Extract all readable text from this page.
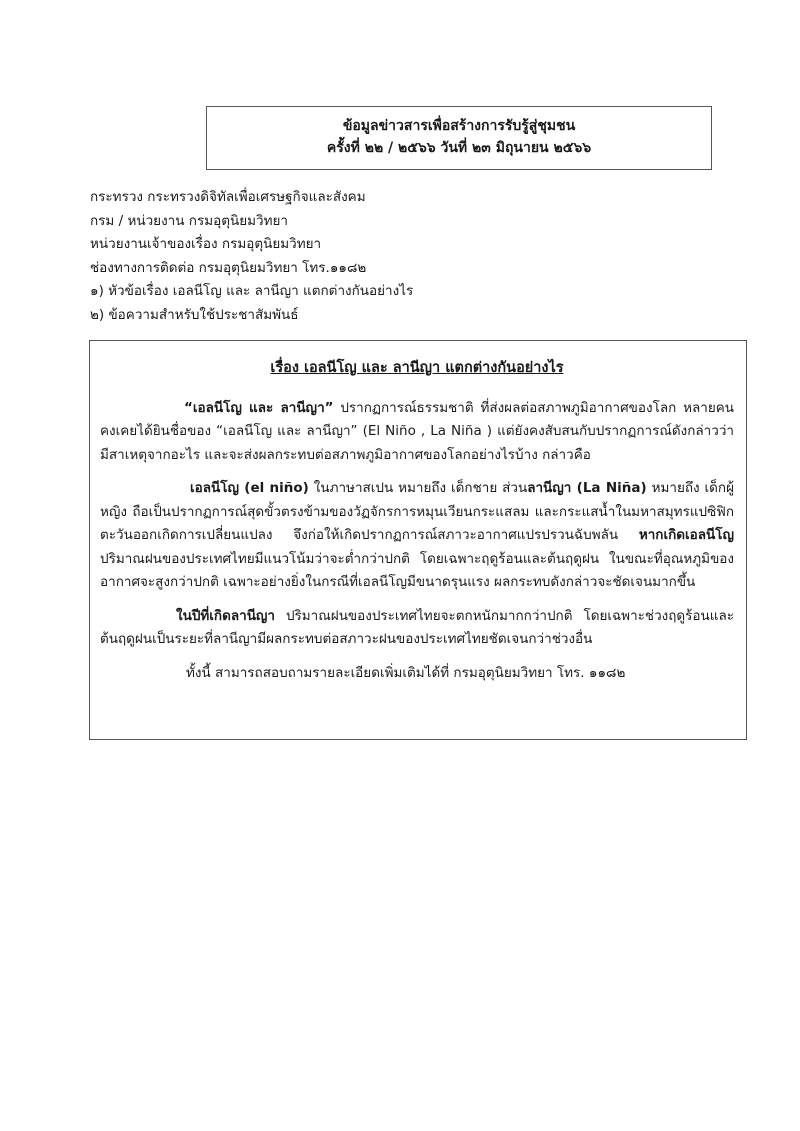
ข้อมูลข่าวสารเพื่อสร้างการรับรู้สู่ชุมชน
ครั้งที่ ๒๒ / ๒๕๖๖ วันที่ ๒๓ มิถุนายน ๒๕๖๖
กระทรวง กระทรวงดิจิทัลเพื่อเศรษฐกิจและสังคม
กรม / หน่วยงาน กรมอุตุนิยมวิทยา
หน่วยงานเจ้าของเรื่อง กรมอุตุนิยมวิทยา
ช่องทางการติดต่อ กรมอุตุนิยมวิทยา โทร.๑๑๘๒
๑) หัวข้อเรื่อง เอลนีโญ และ ลานีญา แตกต่างกันอย่างไร
๒) ข้อความสำหรับใช้ประชาสัมพันธ์
เรื่อง เอลนีโญ และ ลานีญา แตกต่างกันอย่างไร

“เอลนีโญ และ ลานีญา” ปรากฏการณ์ธรรมชาติ ที่ส่งผลต่อสภาพภูมิอากาศของโลก หลายคนคงเคยได้ยินชื่อของ “เอลนีโญ และ ลานีญา” (El Niño , La Niña ) แต่ยังคงสับสนกับปรากฏการณ์ดังกล่าวว่ามีสาเหตุจากอะไร และจะส่งผลกระทบต่อสภาพภูมิอากาศของโลกอย่างไรบ้าง กล่าวคือ

เอลนีโญ (el niño) ในภาษาสเปน หมายถึง เด็กชาย ส่วนลานีญา (La Niña) หมายถึง เด็กผู้หญิง ถือเป็นปรากฏการณ์สุดขั้วตรงข้ามของวัฏจักรการหมุนเวียนกระแสลม และกระแสน้ำในมหาสมุทรแปซิฟิกตะวันออกเกิดการเปลี่ยนแปลง จึงก่อให้เกิดปรากฏการณ์สภาวะอากาศแปรปรวนฉับพลัน หากเกิดเอลนีโญ ปริมาณฝนของประเทศไทยมีแนวโน้มว่าจะต่ำกว่าปกติ โดยเฉพาะฤดูร้อนและต้นฤดูฝน ในขณะที่อุณหภูมิของอากาศจะสูงกว่าปกติ เฉพาะอย่างยิ่งในกรณีที่เอลนีโญมีขนาดรุนแรง ผลกระทบดังกล่าวจะชัดเจนมากขึ้น

ในปีที่เกิดลานีญา ปริมาณฝนของประเทศไทยจะตกหนักมากกว่าปกติ โดยเฉพาะช่วงฤดูร้อนและต้นฤดูฝนเป็นระยะที่ลานีญามีผลกระทบต่อสภาวะฝนของประเทศไทยชัดเจนกว่าช่วงอื่น

ทั้งนี้ สามารถสอบถามรายละเอียดเพิ่มเติมได้ที่ กรมอุตุนิยมวิทยา โทร. ๑๑๘๒
